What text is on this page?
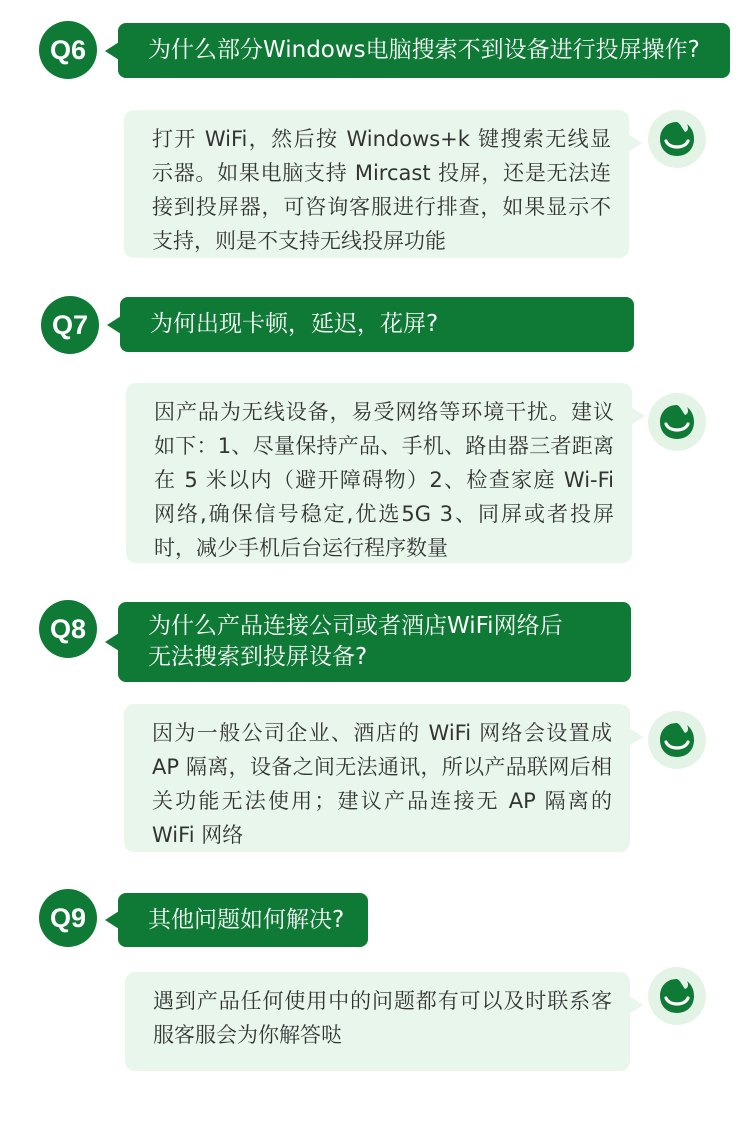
Q6	为什么部分Windows电脑搜索不到设备进行投屏操作?
打开 WiFi，然后按 Windows+k 键搜索无线显示器。如果电脑支持 Mircast 投屏，还是无法连接到投屏器，可咨询客服进行排查，如果显示不支持，则是不支持无线投屏功能
Q7	为何出现卡顿，延迟，花屏?
因产品为无线设备，易受网络等环境干扰。建议如下：1、尽量保持产品、手机、路由器三者距离在 5 米以内（避开障碍物）2、检查家庭 Wi-Fi 网络,确保信号稳定,优选5G 3、同屏或者投屏时，减少手机后台运行程序数量
Q8	为什么产品连接公司或者酒店WiFi网络后
无法搜索到投屏设备?
因为一般公司企业、酒店的 WiFi 网络会设置成 AP 隔离，设备之间无法通讯，所以产品联网后相关功能无法使用；建议产品连接无 AP 隔离的 WiFi 网络
Q9	其他问题如何解决?
遇到产品任何使用中的问题都有可以及时联系客服客服会为你解答哒
